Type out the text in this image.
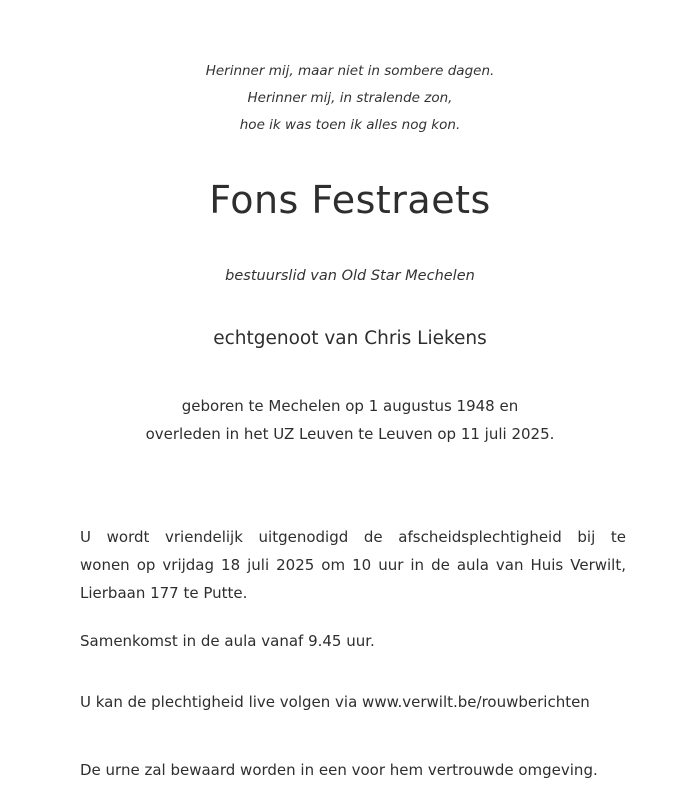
Herinner mij, maar niet in sombere dagen.
Herinner mij, in stralende zon,
hoe ik was toen ik alles nog kon.
Fons Festraets
bestuurslid van Old Star Mechelen
echtgenoot van Chris Liekens
geboren te Mechelen op 1 augustus 1948 en
overleden in het UZ Leuven te Leuven op 11 juli 2025.
U wordt vriendelijk uitgenodigd de afscheidsplechtigheid bij te
wonen op vrijdag 18 juli 2025 om 10 uur in de aula van Huis Verwilt,
Lierbaan 177 te Putte.
Samenkomst in de aula vanaf 9.45 uur.
U kan de plechtigheid live volgen via www.verwilt.be/rouwberichten
De urne zal bewaard worden in een voor hem vertrouwde omgeving.
